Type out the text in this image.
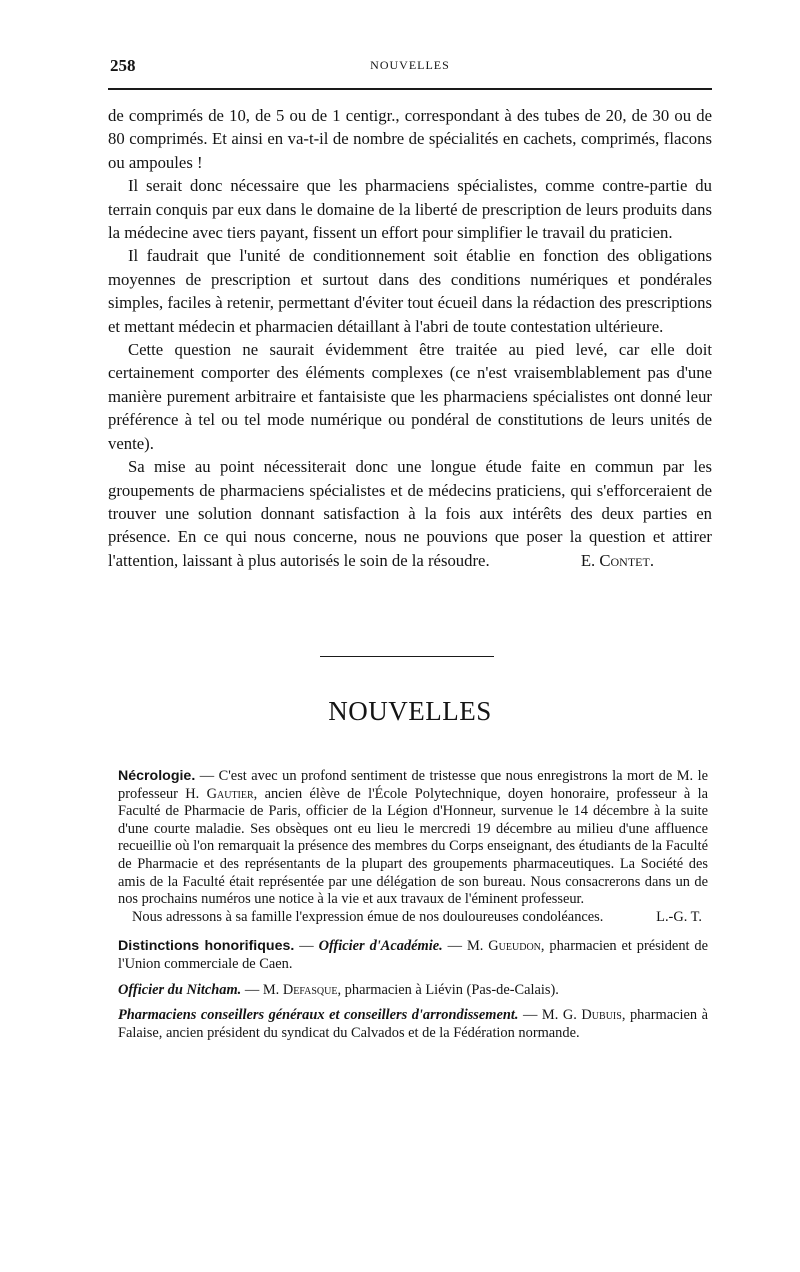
258	NOUVELLES

de comprimés de 10, de 5 ou de 1 centigr., correspondant à des tubes de 20, de 30 ou de 80 comprimés. Et ainsi en va-t-il de nombre de spécialités en cachets, comprimés, flacons ou ampoules !

Il serait donc nécessaire que les pharmaciens spécialistes, comme contre-partie du terrain conquis par eux dans le domaine de la liberté de prescription de leurs produits dans la médecine avec tiers payant, fissent un effort pour simplifier le travail du praticien.

Il faudrait que l'unité de conditionnement soit établie en fonction des obligations moyennes de prescription et surtout dans des conditions numériques et pondérales simples, faciles à retenir, permettant d'éviter tout écueil dans la rédaction des prescriptions et mettant médecin et pharmacien détaillant à l'abri de toute contestation ultérieure.

Cette question ne saurait évidemment être traitée au pied levé, car elle doit certainement comporter des éléments complexes (ce n'est vraisemblablement pas d'une manière purement arbitraire et fantaisiste que les pharmaciens spécialistes ont donné leur préférence à tel ou tel mode numérique ou pondéral de constitutions de leurs unités de vente).

Sa mise au point nécessiterait donc une longue étude faite en commun par les groupements de pharmaciens spécialistes et de médecins praticiens, qui s'efforceraient de trouver une solution donnant satisfaction à la fois aux intérêts des deux parties en présence. En ce qui nous concerne, nous ne pouvions que poser la question et attirer l'attention, laissant à plus autorisés le soin de la résoudre.	E. Contet.

NOUVELLES

Nécrologie. — C'est avec un profond sentiment de tristesse que nous enregistrons la mort de M. le professeur H. Gautier, ancien élève de l'École Polytechnique, doyen honoraire, professeur à la Faculté de Pharmacie de Paris, officier de la Légion d'Honneur, survenue le 14 décembre à la suite d'une courte maladie. Ses obsèques ont eu lieu le mercredi 19 décembre au milieu d'une affluence recueillie où l'on remarquait la présence des membres du Corps enseignant, des étudiants de la Faculté de Pharmacie et des représentants de la plupart des groupements pharmaceutiques. La Société des amis de la Faculté était représentée par une délégation de son bureau. Nous consacrerons dans un de nos prochains numéros une notice à la vie et aux travaux de l'éminent professeur.

Nous adressons à sa famille l'expression émue de nos douloureuses condoléances.	L.-G. T.

Distinctions honorifiques. — Officier d'Académie. — M. Gueudon, pharmacien et président de l'Union commerciale de Caen.

Officier du Nitcham. — M. Defasque, pharmacien à Liévin (Pas-de-Calais).

Pharmaciens conseillers généraux et conseillers d'arrondissement. — M. G. Dubuis, pharmacien à Falaise, ancien président du syndicat du Calvados et de la Fédération normande.
